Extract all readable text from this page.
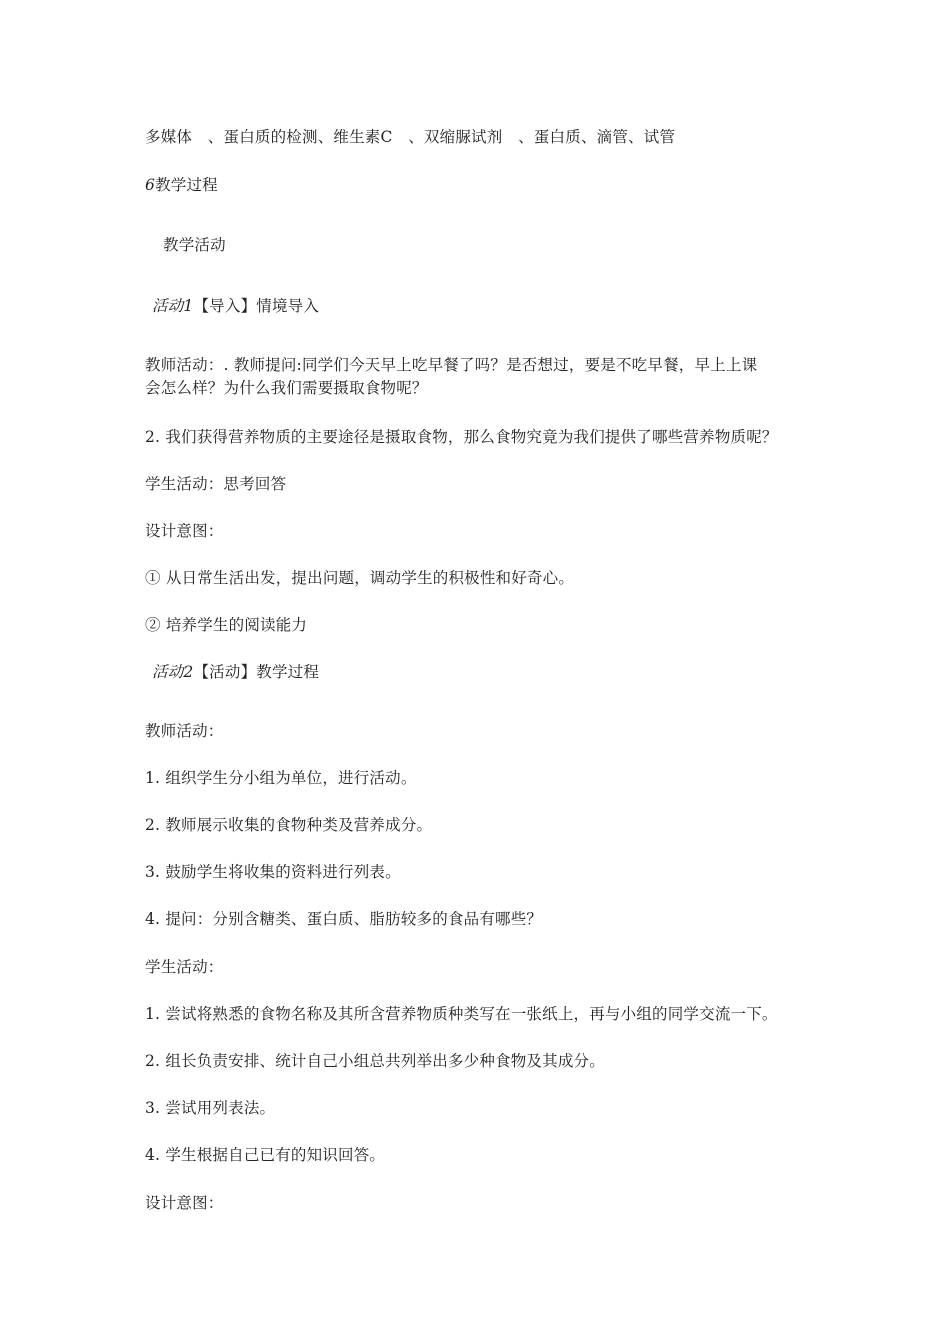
多媒体　、蛋白质的检测、维生素C　、双缩脲试剂　、蛋白质、滴管、试管
6教学过程
教学活动
活动1【导入】情境导入
教师活动：. 教师提问:同学们今天早上吃早餐了吗？是否想过，要是不吃早餐，早上上课
会怎么样？为什么我们需要摄取食物呢？
2. 我们获得营养物质的主要途径是摄取食物，那么食物究竟为我们提供了哪些营养物质呢？
学生活动：思考回答
设计意图：
① 从日常生活出发，提出问题，调动学生的积极性和好奇心。
② 培养学生的阅读能力
活动2【活动】教学过程
教师活动：
1. 组织学生分小组为单位，进行活动。
2. 教师展示收集的食物种类及营养成分。
3. 鼓励学生将收集的资料进行列表。
4. 提问：分别含糖类、蛋白质、脂肪较多的食品有哪些？
学生活动：
1. 尝试将熟悉的食物名称及其所含营养物质种类写在一张纸上，再与小组的同学交流一下。
2. 组长负责安排、统计自己小组总共列举出多少种食物及其成分。
3. 尝试用列表法。
4. 学生根据自己已有的知识回答。
设计意图：
